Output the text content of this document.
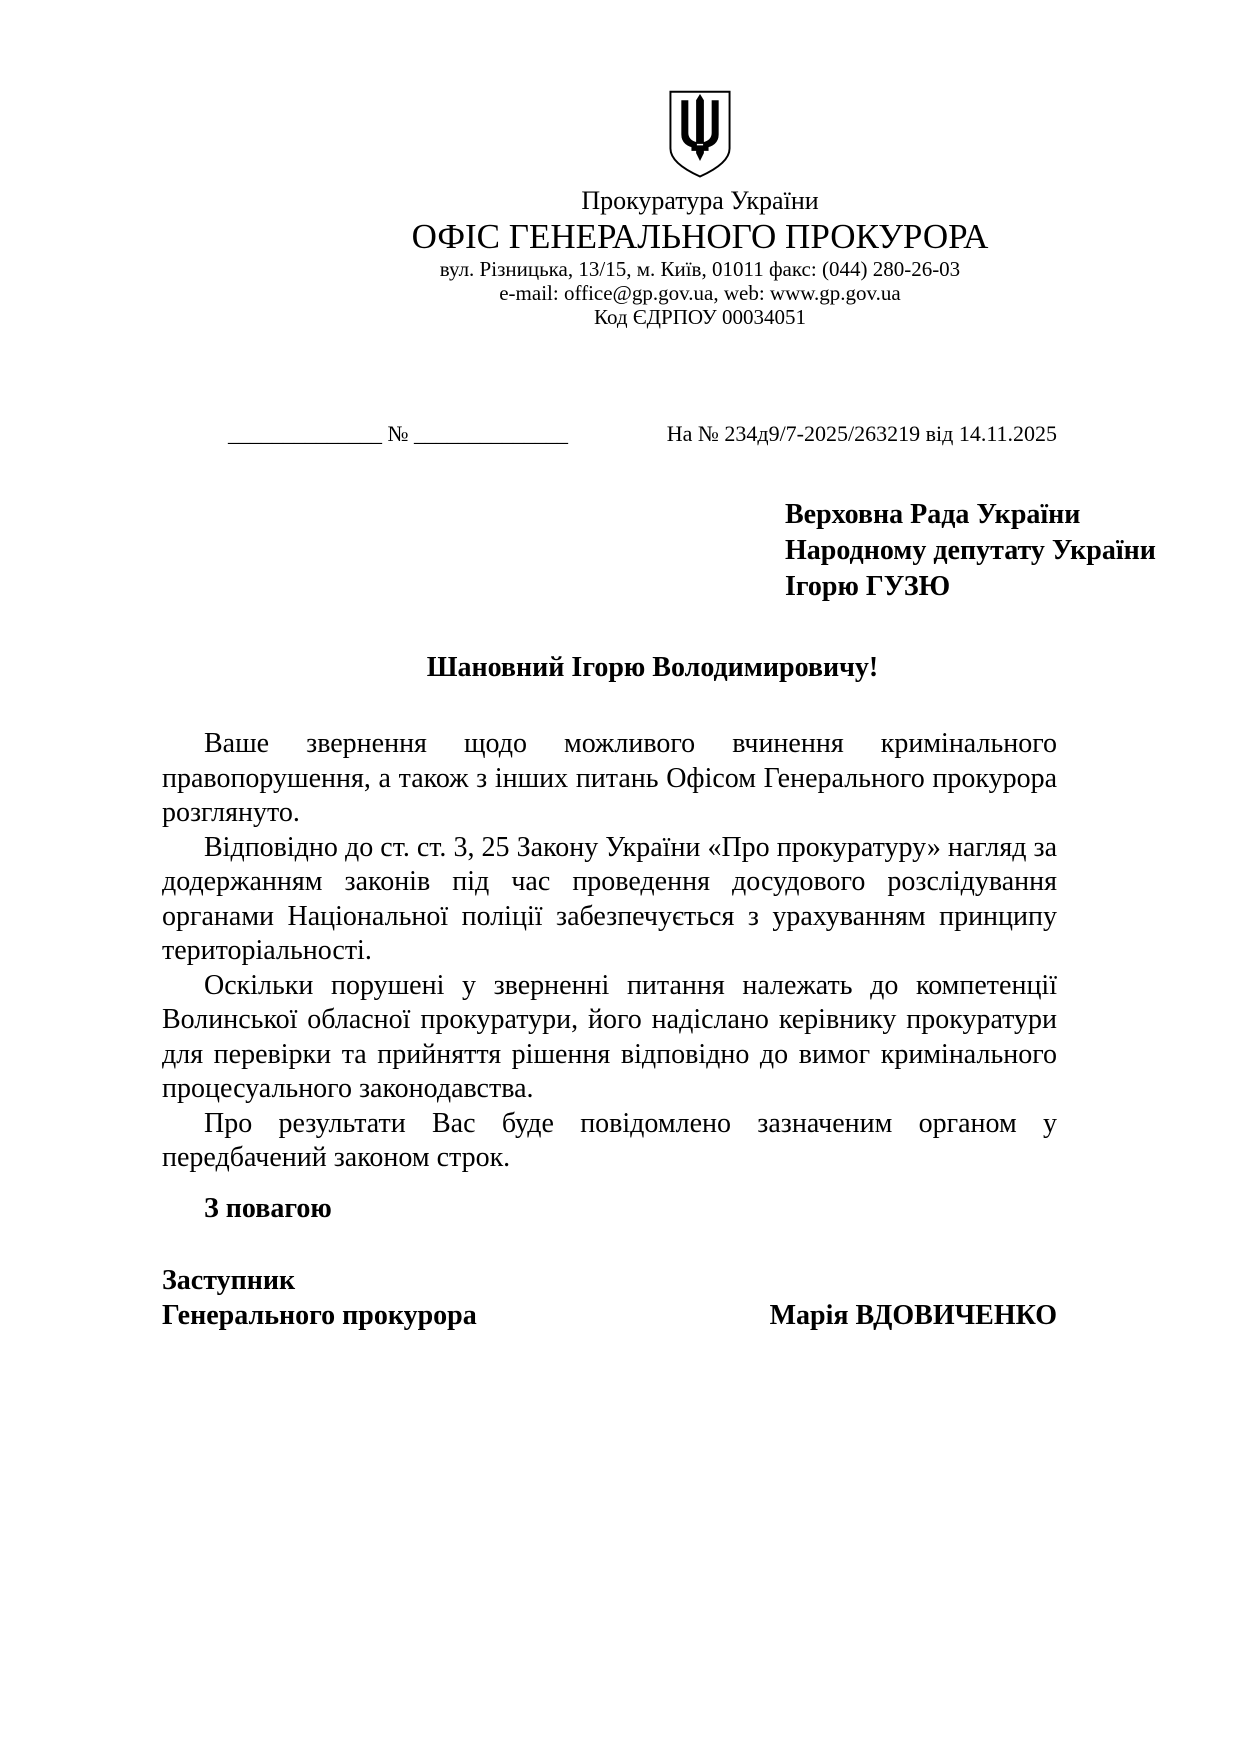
Прокуратура України
ОФІС ГЕНЕРАЛЬНОГО ПРОКУРОРА
вул. Різницька, 13/15, м. Київ, 01011 факс: (044) 280-26-03
e-mail: office@gp.gov.ua, web: www.gp.gov.ua
Код ЄДРПОУ 00034051
______________ № ______________	На № 234д9/7-2025/263219 від 14.11.2025
Верховна Рада України
Народному депутату України
Ігорю ГУЗЮ
Шановний Ігорю Володимировичу!

Ваше звернення щодо можливого вчинення кримінального правопорушення, а також з інших питань Офісом Генерального прокурора розглянуто.

Відповідно до ст. ст. 3, 25 Закону України «Про прокуратуру» нагляд за додержанням законів під час проведення досудового розслідування органами Національної поліції забезпечується з урахуванням принципу територіальності.

Оскільки порушені у зверненні питання належать до компетенції Волинської обласної прокуратури, його надіслано керівнику прокуратури для перевірки та прийняття рішення відповідно до вимог кримінального процесуального законодавства.

Про результати Вас буде повідомлено зазначеним органом у передбачений законом строк.

З повагою
Заступник
Генерального прокурора	Марія ВДОВИЧЕНКО
